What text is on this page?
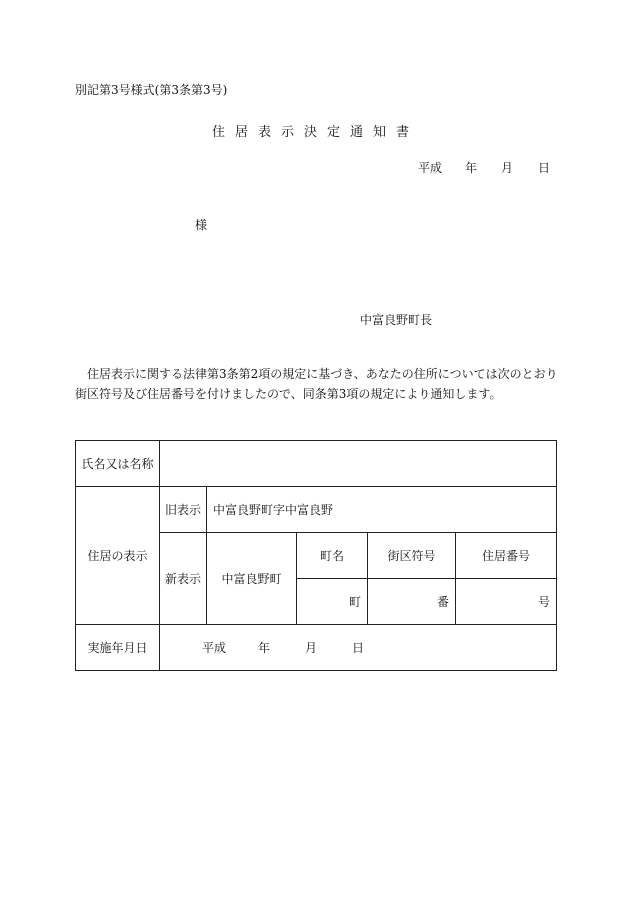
別記第3号様式(第3条第3号)
住居表示決定通知書
平成 年 月 日
様
中富良野町長
　住居表示に関する法律第3条第2項の規定に基づき、あなたの住所については次のとおり
街区符号及び住居番号を付けましたので、同条第3項の規定により通知します。
氏名又は名称					
住居の表示	旧表示	中富良野町字中富良野			
	新表示	中富良野町	町名	街区符号	住居番号
			町	番	号
実施年月日	平成 年 月 日				
